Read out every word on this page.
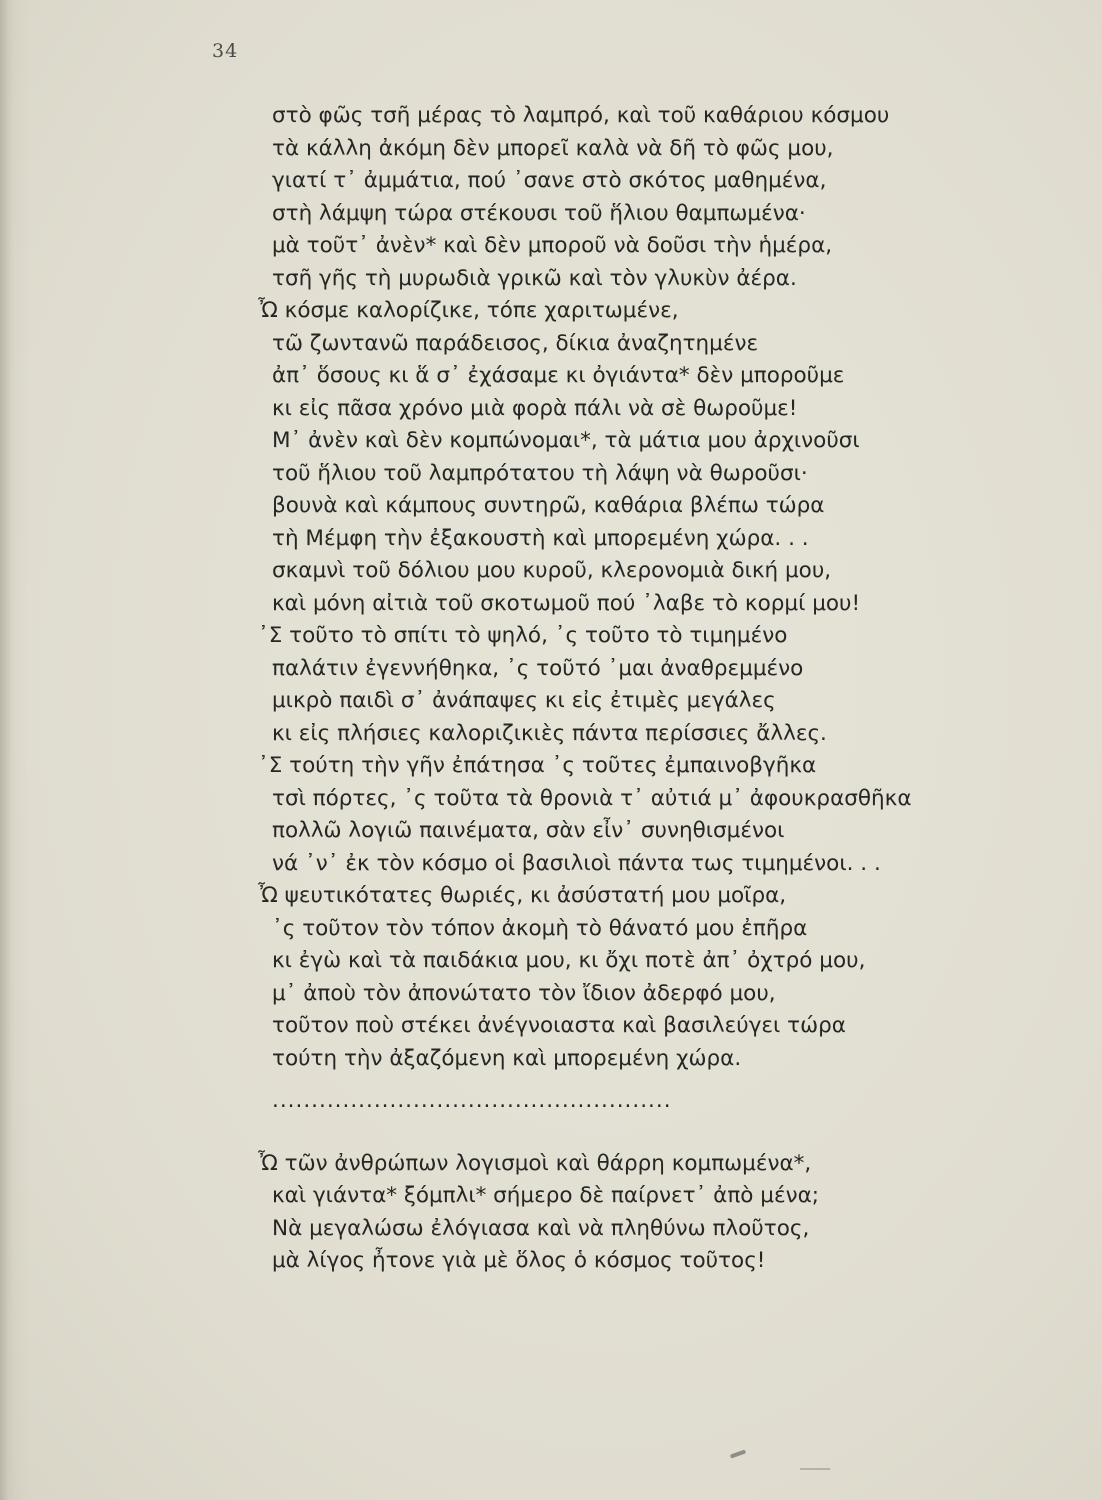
34
στὸ φῶς τσῆ μέρας τὸ λαμπρό, καὶ τοῦ καθάριου κόσμου
τὰ κάλλη ἀκόμη δὲν μπορεῖ καλὰ νὰ δῆ τὸ φῶς μου,
γιατί τ᾿ ἀμμάτια, πού ᾿σανε στὸ σκότος μαθημένα,
στὴ λάμψη τώρα στέκουσι τοῦ ἥλιου θαμπωμένα·
μὰ τοῦτ᾿ ἀνὲν* καὶ δὲν μποροῦ νὰ δοῦσι τὴν ἡμέρα,
τσῆ γῆς τὴ μυρωδιὰ γρικῶ καὶ τὸν γλυκὺν ἀέρα.
Ὦ κόσμε καλορίζικε, τόπε χαριτωμένε,
τῶ ζωντανῶ παράδεισος, δίκια ἀναζητημένε
ἀπ᾿ ὅσους κι ἅ σ᾿ ἐχάσαμε κι ὀγιάντα* δὲν μποροῦμε
κι εἰς πᾶσα χρόνο μιὰ φορὰ πάλι νὰ σὲ θωροῦμε!
Μ᾿ ἀνὲν καὶ δὲν κομπώνομαι*, τὰ μάτια μου ἀρχινοῦσι
τοῦ ἥλιου τοῦ λαμπρότατου τὴ λάψη νὰ θωροῦσι·
βουνὰ καὶ κάμπους συντηρῶ, καθάρια βλέπω τώρα
τὴ Μέμφη τὴν ἐξακουστὴ καὶ μπορεμένη χώρα. . .
σκαμνὶ τοῦ δόλιου μου κυροῦ, κλερονομιὰ δική μου,
καὶ μόνη αἰτιὰ τοῦ σκοτωμοῦ πού ᾿λαβε τὸ κορμί μου!
᾿Σ τοῦτο τὸ σπίτι τὸ ψηλό, ᾿ς τοῦτο τὸ τιμημένο
παλάτιν ἐγεννήθηκα, ᾿ς τοῦτό ᾿μαι ἀναθρεμμένο
μικρὸ παιδὶ σ᾿ ἀνάπαψες κι εἰς ἐτιμὲς μεγάλες
κι εἰς πλήσιες καλοριζικιὲς πάντα περίσσιες ἄλλες.
᾿Σ τούτη τὴν γῆν ἐπάτησα ᾿ς τοῦτες ἐμπαινοβγῆκα
τσὶ πόρτες, ᾿ς τοῦτα τὰ θρονιὰ τ᾿ αὐτιά μ᾿ ἀφουκρασθῆκα
πολλῶ λογιῶ παινέματα, σὰν εἶν᾿ συνηθισμένοι
νά ᾿ν᾿ ἐκ τὸν κόσμο οἱ βασιλιοὶ πάντα τως τιμημένοι. . .
Ὦ ψευτικότατες θωριές, κι ἀσύστατή μου μοῖρα,
᾿ς τοῦτον τὸν τόπον ἀκομὴ τὸ θάνατό μου ἐπῆρα
κι ἐγὼ καὶ τὰ παιδάκια μου, κι ὄχι ποτὲ ἀπ᾿ ὀχτρό μου,
μ᾿ ἀποὺ τὸν ἀπονώτατο τὸν ἴδιον ἀδερφό μου,
τοῦτον ποὺ στέκει ἀνέγνοιαστα καὶ βασιλεύγει τώρα
τούτη τὴν ἀξαζόμενη καὶ μπορεμένη χώρα.
...................................................
Ὦ τῶν ἀνθρώπων λογισμοὶ καὶ θάρρη κομπωμένα*,
καὶ γιάντα* ξόμπλι* σήμερο δὲ παίρνετ᾿ ἀπὸ μένα;
Νὰ μεγαλώσω ἐλόγιασα καὶ νὰ πληθύνω πλοῦτος,
μὰ λίγος ἦτονε γιὰ μὲ ὅλος ὁ κόσμος τοῦτος!
